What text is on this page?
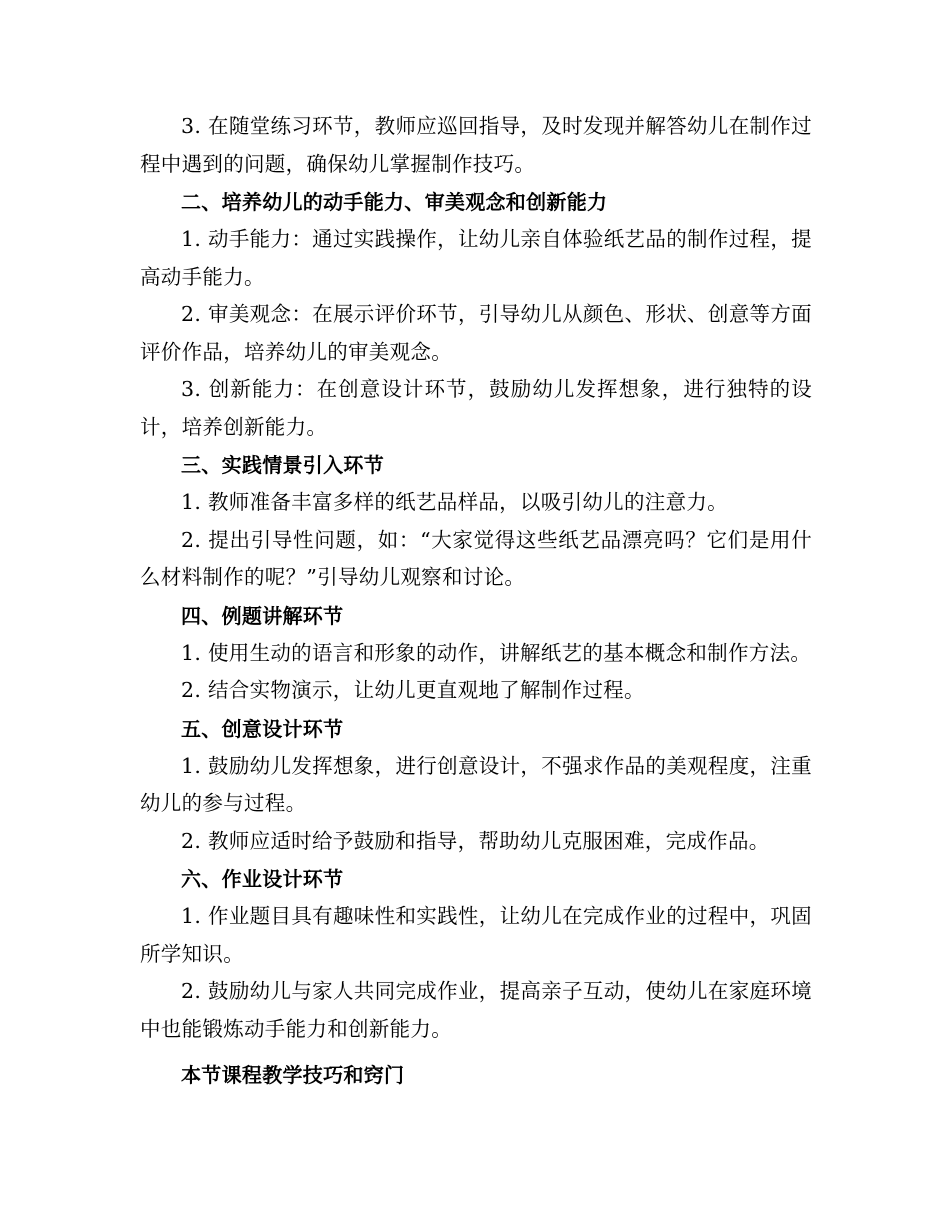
3. 在随堂练习环节，教师应巡回指导，及时发现并解答幼儿在制作过程中遇到的问题，确保幼儿掌握制作技巧。

二、培养幼儿的动手能力、审美观念和创新能力

1. 动手能力：通过实践操作，让幼儿亲自体验纸艺品的制作过程，提高动手能力。

2. 审美观念：在展示评价环节，引导幼儿从颜色、形状、创意等方面评价作品，培养幼儿的审美观念。

3. 创新能力：在创意设计环节，鼓励幼儿发挥想象，进行独特的设计，培养创新能力。

三、实践情景引入环节

1. 教师准备丰富多样的纸艺品样品，以吸引幼儿的注意力。

2. 提出引导性问题，如：“大家觉得这些纸艺品漂亮吗？它们是用什么材料制作的呢？”引导幼儿观察和讨论。

四、例题讲解环节

1. 使用生动的语言和形象的动作，讲解纸艺的基本概念和制作方法。

2. 结合实物演示，让幼儿更直观地了解制作过程。

五、创意设计环节

1. 鼓励幼儿发挥想象，进行创意设计，不强求作品的美观程度，注重幼儿的参与过程。

2. 教师应适时给予鼓励和指导，帮助幼儿克服困难，完成作品。

六、作业设计环节

1. 作业题目具有趣味性和实践性，让幼儿在完成作业的过程中，巩固所学知识。

2. 鼓励幼儿与家人共同完成作业，提高亲子互动，使幼儿在家庭环境中也能锻炼动手能力和创新能力。

本节课程教学技巧和窍门
